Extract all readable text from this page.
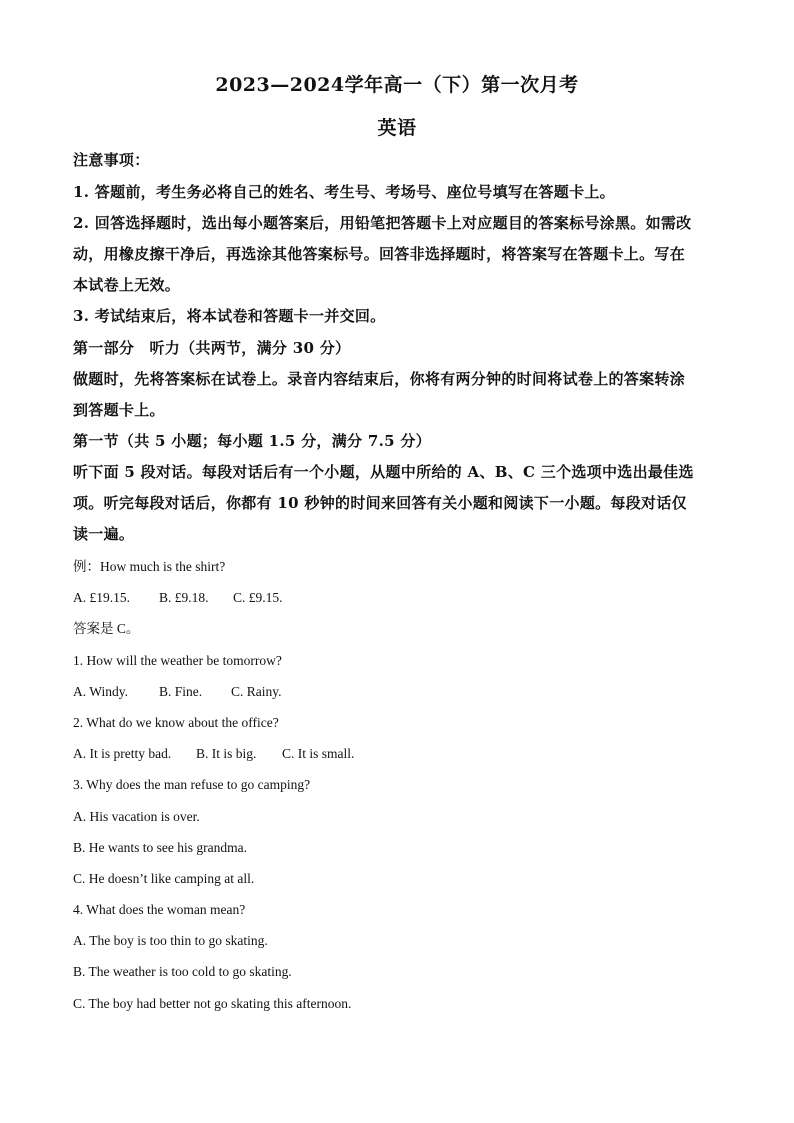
2023—2024学年高一（下）第一次月考
英语
注意事项：
1. 答题前，考生务必将自己的姓名、考生号、考场号、座位号填写在答题卡上。
2. 回答选择题时，选出每小题答案后，用铅笔把答题卡上对应题目的答案标号涂黑。如需改
动，用橡皮擦干净后，再选涂其他答案标号。回答非选择题时，将答案写在答题卡上。写在
本试卷上无效。
3. 考试结束后，将本试卷和答题卡一并交回。
第一部分　听力（共两节，满分 30 分）
做题时，先将答案标在试卷上。录音内容结束后，你将有两分钟的时间将试卷上的答案转涂
到答题卡上。
第一节（共 5 小题；每小题 1.5 分，满分 7.5 分）
听下面 5 段对话。每段对话后有一个小题，从题中所给的 A、B、C 三个选项中选出最佳选
项。听完每段对话后，你都有 10 秒钟的时间来回答有关小题和阅读下一小题。每段对话仅
读一遍。
例：How much is the shirt?
A. £19.15. B. £9.18. C. £9.15.
答案是 C。
1. How will the weather be tomorrow?
A. Windy. B. Fine. C. Rainy.
2. What do we know about the office?
A. It is pretty bad. B. It is big. C. It is small.
3. Why does the man refuse to go camping?
A. His vacation is over.
B. He wants to see his grandma.
C. He doesn’t like camping at all.
4. What does the woman mean?
A. The boy is too thin to go skating.
B. The weather is too cold to go skating.
C. The boy had better not go skating this afternoon.
